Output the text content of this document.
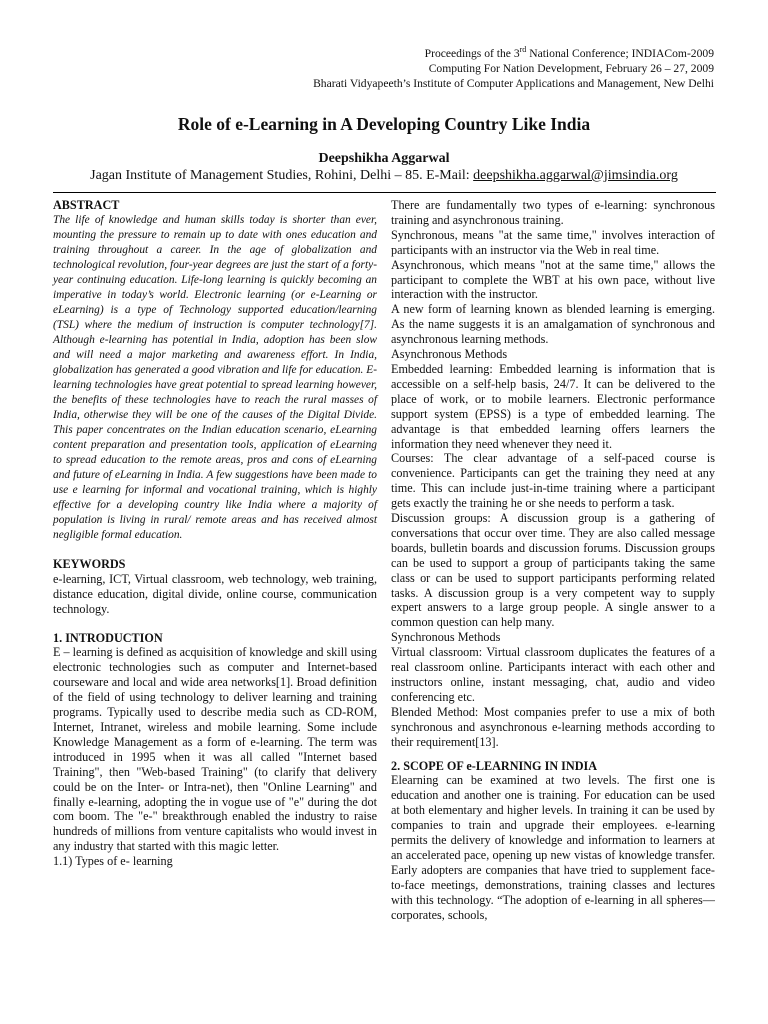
Proceedings of the 3rd National Conference; INDIACom-2009
Computing For Nation Development, February 26 – 27, 2009
Bharati Vidyapeeth’s Institute of Computer Applications and Management, New Delhi
Role of e-Learning in A Developing Country Like India
Deepshikha Aggarwal
Jagan Institute of Management Studies, Rohini, Delhi – 85. E-Mail: deepshikha.aggarwal@jimsindia.org

ABSTRACT

The life of knowledge and human skills today is shorter than ever, mounting the pressure to remain up to date with ones education and training throughout a career. In the age of globalization and technological revolution, four-year degrees are just the start of a forty-year continuing education. Life-long learning is quickly becoming an imperative in today’s world. Electronic learning (or e-Learning or eLearning) is a type of Technology supported education/learning (TSL) where the medium of instruction is computer technology[7]. Although e-learning has potential in India, adoption has been slow and will need a major marketing and awareness effort. In India, globalization has generated a good vibration and life for education. E-learning technologies have great potential to spread learning however, the benefits of these technologies have to reach the rural masses of India, otherwise they will be one of the causes of the Digital Divide. This paper concentrates on the Indian education scenario, eLearning content preparation and presentation tools, application of eLearning to spread education to the remote areas, pros and cons of eLearning and future of eLearning in India. A few suggestions have been made to use e learning for informal and vocational training, which is highly effective for a developing country like India where a majority of population is living in rural/ remote areas and has received almost negligible formal education.

KEYWORDS

e-learning, ICT, Virtual classroom, web technology, web training, distance education, digital divide, online course, communication technology.

1. INTRODUCTION

E – learning is defined as acquisition of knowledge and skill using electronic technologies such as computer and Internet-based courseware and local and wide area networks[1]. Broad definition of the field of using technology to deliver learning and training programs. Typically used to describe media such as CD-ROM, Internet, Intranet, wireless and mobile learning. Some include Knowledge Management as a form of e-learning. The term was introduced in 1995 when it was all called "Internet based Training", then "Web-based Training" (to clarify that delivery could be on the Inter- or Intra-net), then "Online Learning" and finally e-learning, adopting the in vogue use of "e" during the dot com boom. The "e-" breakthrough enabled the industry to raise hundreds of millions from venture capitalists who would invest in any industry that started with this magic letter.

1.1) Types of e- learning

There are fundamentally two types of e-learning: synchronous training and asynchronous training.

Synchronous, means "at the same time," involves interaction of participants with an instructor via the Web in real time.

Asynchronous, which means "not at the same time," allows the participant to complete the WBT at his own pace, without live interaction with the instructor.

A new form of learning known as blended learning is emerging. As the name suggests it is an amalgamation of synchronous and asynchronous learning methods.

Asynchronous Methods

Embedded learning: Embedded learning is information that is accessible on a self-help basis, 24/7. It can be delivered to the place of work, or to mobile learners. Electronic performance support system (EPSS) is a type of embedded learning. The advantage is that embedded learning offers learners the information they need whenever they need it.

Courses: The clear advantage of a self-paced course is convenience. Participants can get the training they need at any time. This can include just-in-time training where a participant gets exactly the training he or she needs to perform a task.

Discussion groups: A discussion group is a gathering of conversations that occur over time. They are also called message boards, bulletin boards and discussion forums. Discussion groups can be used to support a group of participants taking the same class or can be used to support participants performing related tasks. A discussion group is a very competent way to supply expert answers to a large group people. A single answer to a common question can help many.

Synchronous Methods

Virtual classroom: Virtual classroom duplicates the features of a real classroom online. Participants interact with each other and instructors online, instant messaging, chat, audio and video conferencing etc.

Blended Method: Most companies prefer to use a mix of both synchronous and asynchronous e-learning methods according to their requirement[13].

2. SCOPE OF e-LEARNING IN INDIA

Elearning can be examined at two levels. The first one is education and another one is training. For education can be used at both elementary and higher levels. In training it can be used by companies to train and upgrade their employees. e-learning permits the delivery of knowledge and information to learners at an accelerated pace, opening up new vistas of knowledge transfer. Early adopters are companies that have tried to supplement face-to-face meetings, demonstrations, training classes and lectures with this technology. “The adoption of e-learning in all spheres—corporates, schools,
